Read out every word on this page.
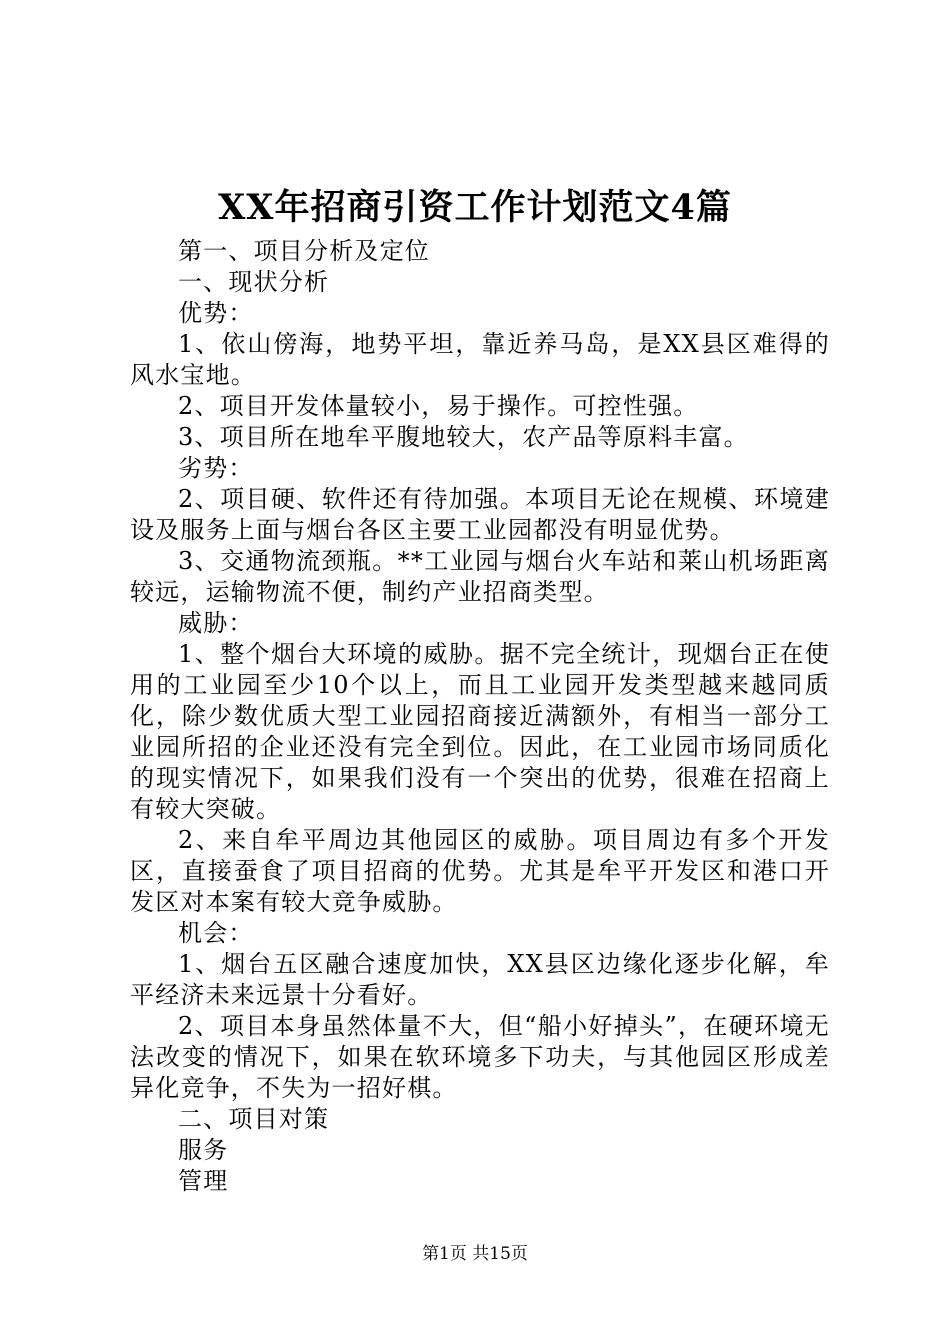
XX年招商引资工作计划范文4篇

第一、项目分析及定位

一、现状分析

优势：

1、依山傍海，地势平坦，靠近养马岛，是XX县区难得的风水宝地。

2、项目开发体量较小，易于操作。可控性强。

3、项目所在地牟平腹地较大，农产品等原料丰富。

劣势：

2、项目硬、软件还有待加强。本项目无论在规模、环境建设及服务上面与烟台各区主要工业园都没有明显优势。

3、交通物流颈瓶。**工业园与烟台火车站和莱山机场距离较远，运输物流不便，制约产业招商类型。

威胁：

1、整个烟台大环境的威胁。据不完全统计，现烟台正在使用的工业园至少10个以上，而且工业园开发类型越来越同质化，除少数优质大型工业园招商接近满额外，有相当一部分工业园所招的企业还没有完全到位。因此，在工业园市场同质化的现实情况下，如果我们没有一个突出的优势，很难在招商上有较大突破。

2、来自牟平周边其他园区的威胁。项目周边有多个开发区，直接蚕食了项目招商的优势。尤其是牟平开发区和港口开发区对本案有较大竞争威胁。

机会：

1、烟台五区融合速度加快，XX县区边缘化逐步化解，牟平经济未来远景十分看好。

2、项目本身虽然体量不大，但“船小好掉头”，在硬环境无法改变的情况下，如果在软环境多下功夫，与其他园区形成差异化竞争，不失为一招好棋。

二、项目对策

服务

管理

第1页 共15页
